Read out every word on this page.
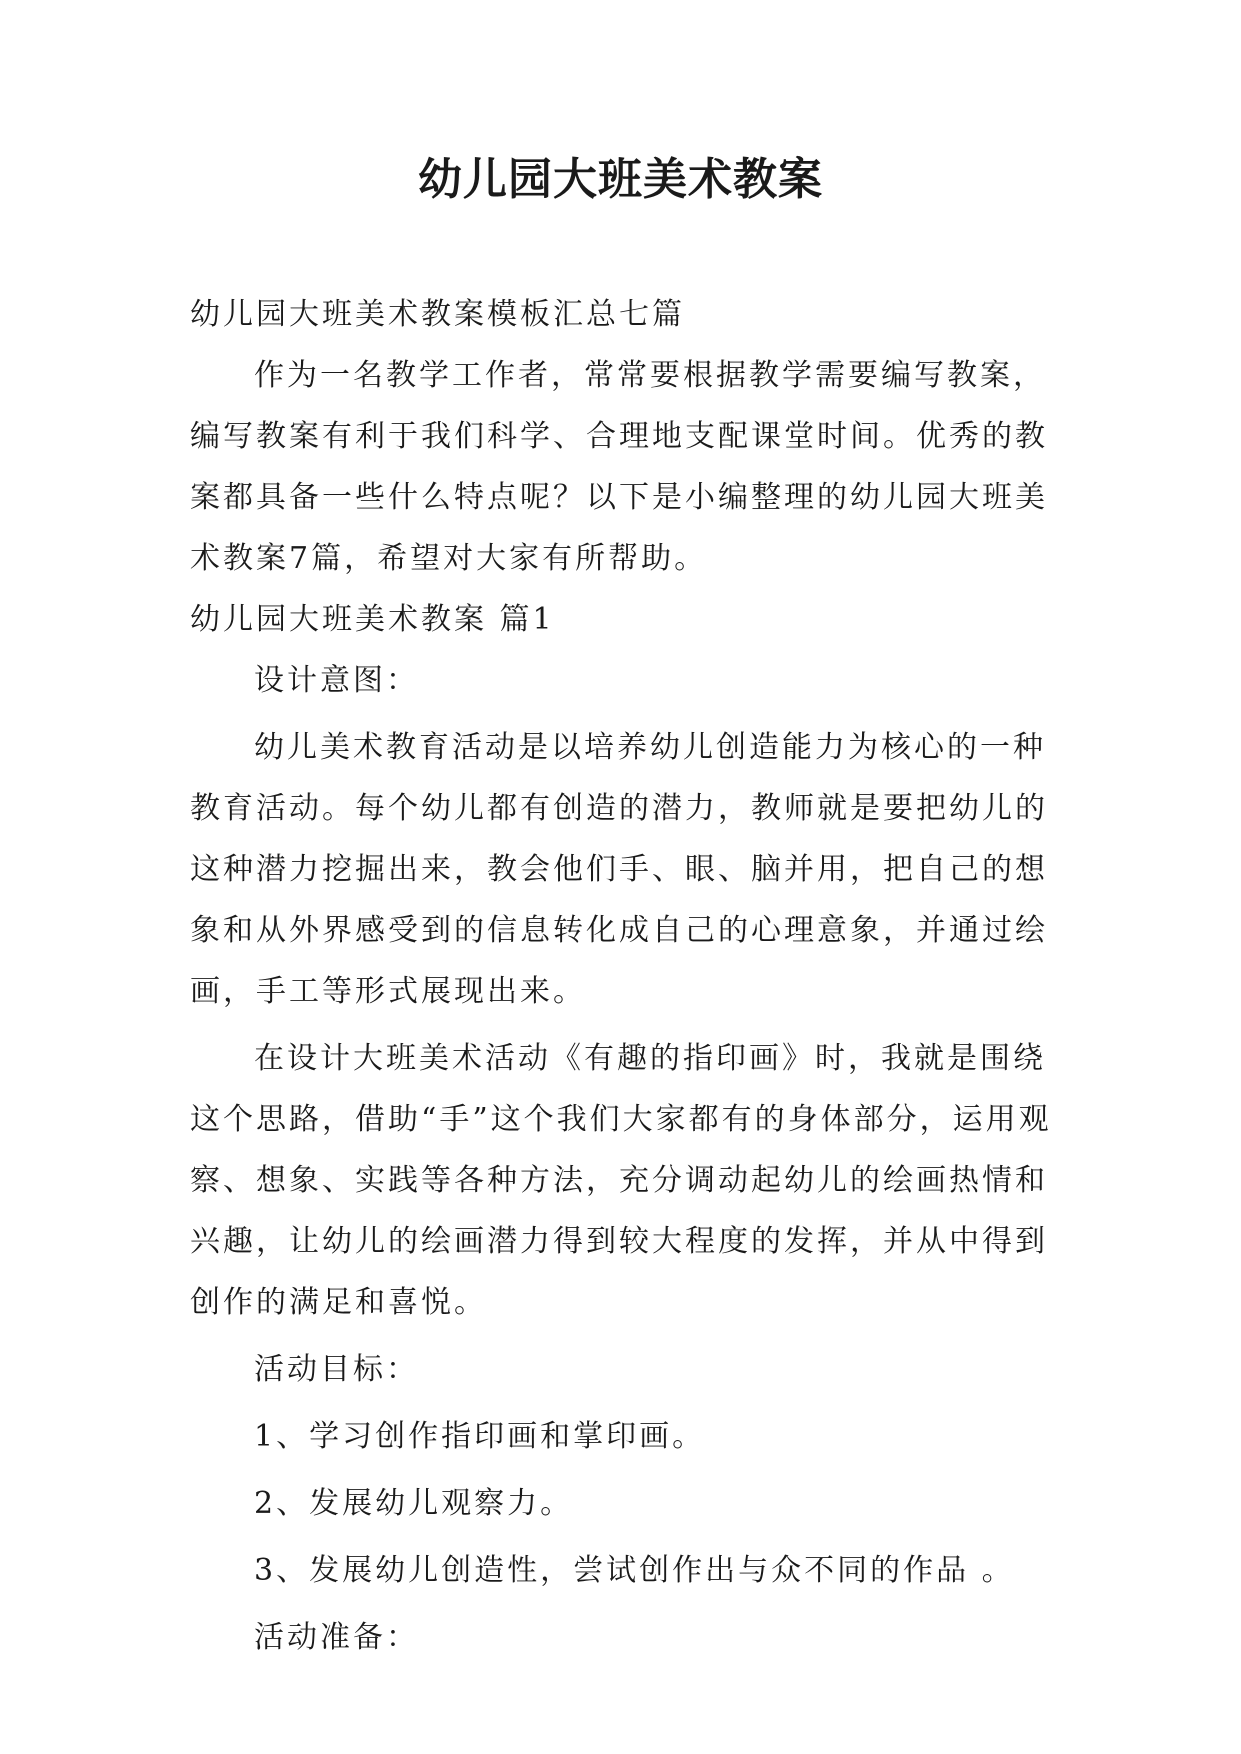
幼儿园大班美术教案

幼儿园大班美术教案模板汇总七篇

作为一名教学工作者，常常要根据教学需要编写教案，编写教案有利于我们科学、合理地支配课堂时间。优秀的教案都具备一些什么特点呢？以下是小编整理的幼儿园大班美术教案7篇，希望对大家有所帮助。

幼儿园大班美术教案 篇1

设计意图：

幼儿美术教育活动是以培养幼儿创造能力为核心的一种教育活动。每个幼儿都有创造的潜力，教师就是要把幼儿的这种潜力挖掘出来，教会他们手、眼、脑并用，把自己的想象和从外界感受到的信息转化成自己的心理意象，并通过绘画，手工等形式展现出来。

在设计大班美术活动《有趣的指印画》时，我就是围绕这个思路，借助“手”这个我们大家都有的身体部分，运用观察、想象、实践等各种方法，充分调动起幼儿的绘画热情和兴趣，让幼儿的绘画潜力得到较大程度的发挥，并从中得到创作的满足和喜悦。

活动目标：

1、学习创作指印画和掌印画。

2、发展幼儿观察力。

3、发展幼儿创造性，尝试创作出与众不同的作品 。

活动准备：
